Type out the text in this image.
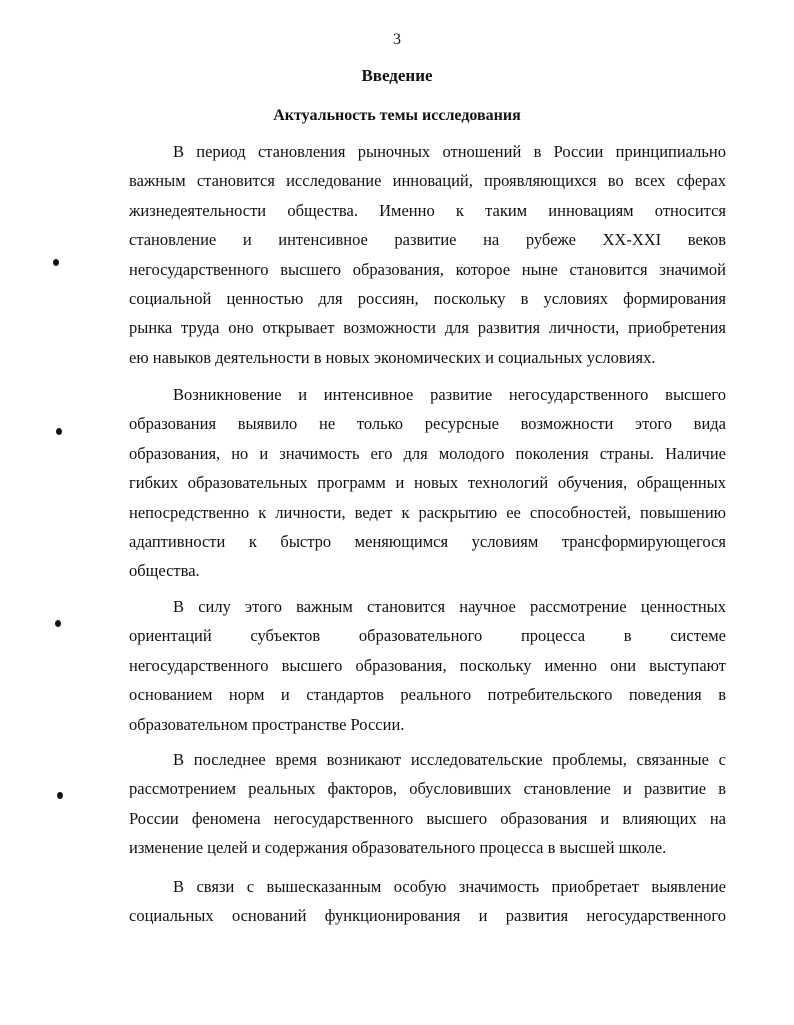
3
Введение
Актуальность темы исследования
В период становления рыночных отношений в России принципиально
важным становится исследование инноваций, проявляющихся во всех сферах
жизнедеятельности общества. Именно к таким инновациям относится
становление и интенсивное развитие на рубеже XX-XXI веков
негосударственного высшего образования, которое ныне становится значимой
социальной ценностью для россиян, поскольку в условиях формирования
рынка труда оно открывает возможности для развития личности, приобретения
ею навыков деятельности в новых экономических и социальных условиях.
Возникновение и интенсивное развитие негосударственного высшего
образования выявило не только ресурсные возможности этого вида
образования, но и значимость его для молодого поколения страны. Наличие
гибких образовательных программ и новых технологий обучения, обращенных
непосредственно к личности, ведет к раскрытию ее способностей, повышению
адаптивности к быстро меняющимся условиям трансформирующегося
общества.
В силу этого важным становится научное рассмотрение ценностных
ориентаций субъектов образовательного процесса в системе
негосударственного высшего образования, поскольку именно они выступают
основанием норм и стандартов реального потребительского поведения в
образовательном пространстве России.
В последнее время возникают исследовательские проблемы, связанные с
рассмотрением реальных факторов, обусловивших становление и развитие в
России феномена негосударственного высшего образования и влияющих на
изменение целей и содержания образовательного процесса в высшей школе.
В связи с вышесказанным особую значимость приобретает выявление
социальных оснований функционирования и развития негосударственного
